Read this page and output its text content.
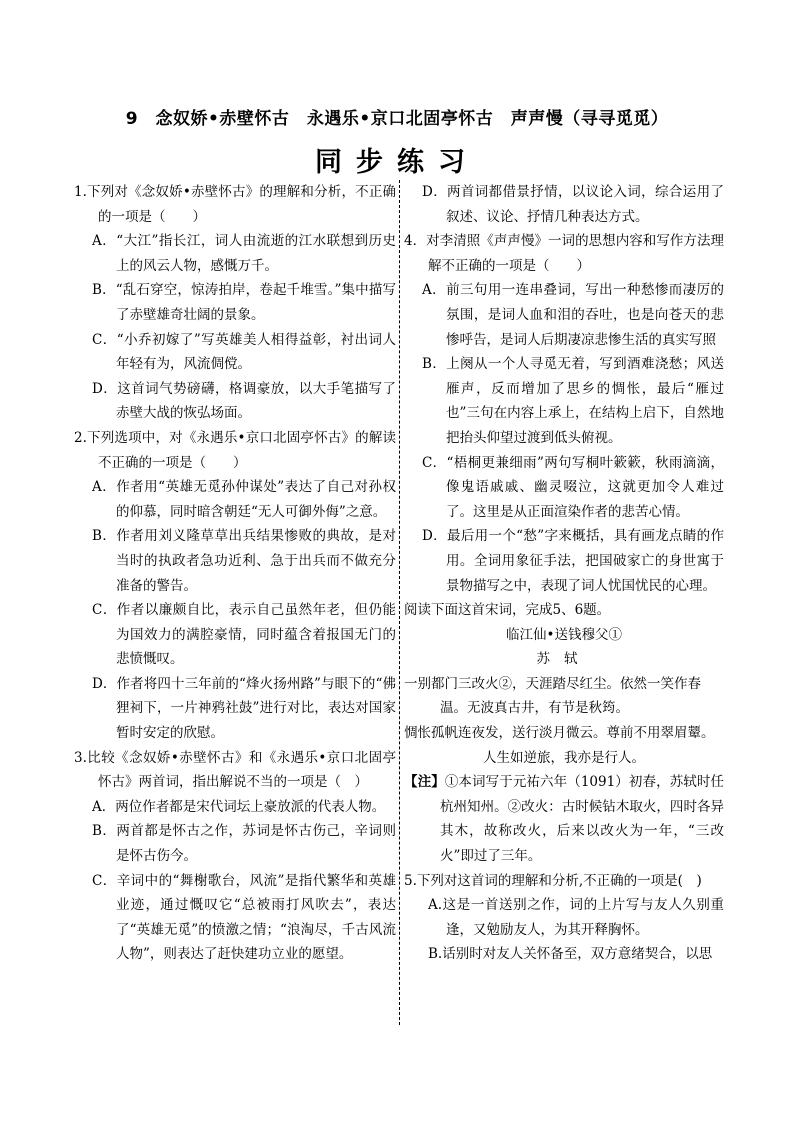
9　念奴娇•赤壁怀古　永遇乐•京口北固亭怀古　声声慢（寻寻觅觅）
同步练习

1.下列对《念奴娇•赤壁怀古》的理解和分析，不正确的一项是（　　）

A．“大江”指长江，词人由流逝的江水联想到历史上的风云人物，感慨万千。

B．“乱石穿空，惊涛拍岸，卷起千堆雪。”集中描写了赤壁雄奇壮阔的景象。

C．“小乔初嫁了”写英雄美人相得益彰，衬出词人年轻有为，风流倜傥。

D．这首词气势磅礴，格调豪放，以大手笔描写了赤壁大战的恢弘场面。

2.下列选项中，对《永遇乐•京口北固亭怀古》的解读不正确的一项是（　　）

A．作者用“英雄无觅孙仲谋处”表达了自己对孙权的仰慕，同时暗含朝廷“无人可御外侮”之意。

B．作者用刘义隆草草出兵结果惨败的典故，是对当时的执政者急功近利、急于出兵而不做充分准备的警告。

C．作者以廉颇自比，表示自己虽然年老，但仍能为国效力的满腔豪情，同时蕴含着报国无门的悲愤慨叹。

D．作者将四十三年前的“烽火扬州路”与眼下的“佛狸祠下，一片神鸦社鼓”进行对比，表达对国家暂时安定的欣慰。

3.比较《念奴娇•赤壁怀古》和《永遇乐•京口北固亭怀古》两首词，指出解说不当的一项是（　）

A．两位作者都是宋代词坛上豪放派的代表人物。

B．两首都是怀古之作，苏词是怀古伤己，辛词则是怀古伤今。

C．辛词中的“舞榭歌台，风流”是指代繁华和英雄业迹，通过慨叹它“总被雨打风吹去”，表达了“英雄无觅”的愤激之情；“浪淘尽，千古风流人物”，则表达了赶快建功立业的愿望。

D．两首词都借景抒情，以议论入词，综合运用了叙述、议论、抒情几种表达方式。

4．对李清照《声声慢》一词的思想内容和写作方法理解不正确的一项是（　　）

A．前三句用一连串叠词，写出一种愁惨而凄厉的氛围，是词人血和泪的吞吐，也是向苍天的悲惨呼告，是词人后期凄凉悲惨生活的真实写照

B．上阕从一个人寻觅无着，写到酒难浇愁；风送雁声，反而增加了思乡的惆怅，最后“雁过也”三句在内容上承上，在结构上启下，自然地把抬头仰望过渡到低头俯视。

C．“梧桐更兼细雨”两句写桐叶簌簌，秋雨滴滴，像鬼语戚戚、幽灵啜泣，这就更加令人难过了。这里是从正面渲染作者的悲苦心情。

D．最后用一个“愁”字来概括，具有画龙点睛的作用。全词用象征手法，把国破家亡的身世寓于景物描写之中，表现了词人忧国忧民的心理。

阅读下面这首宋词，完成5、6题。

临江仙•送钱穆父①

苏轼

一别都门三改火②，天涯踏尽红尘。依然一笑作春

温。无波真古井，有节是秋筠。

惆怅孤帆连夜发，送行淡月微云。尊前不用翠眉颦。

人生如逆旅，我亦是行人。

【注】①本词写于元祐六年（1091）初春，苏轼时任杭州知州。②改火：古时候钻木取火，四时各异其木，故称改火，后来以改火为一年，“三改火”即过了三年。

5.下列对这首词的理解和分析,不正确的一项是(　)

A.这是一首送别之作，词的上片写与友人久别重逢，又勉励友人，为其开释胸怀。

B.话别时对友人关怀备至，双方意绪契合，以思
